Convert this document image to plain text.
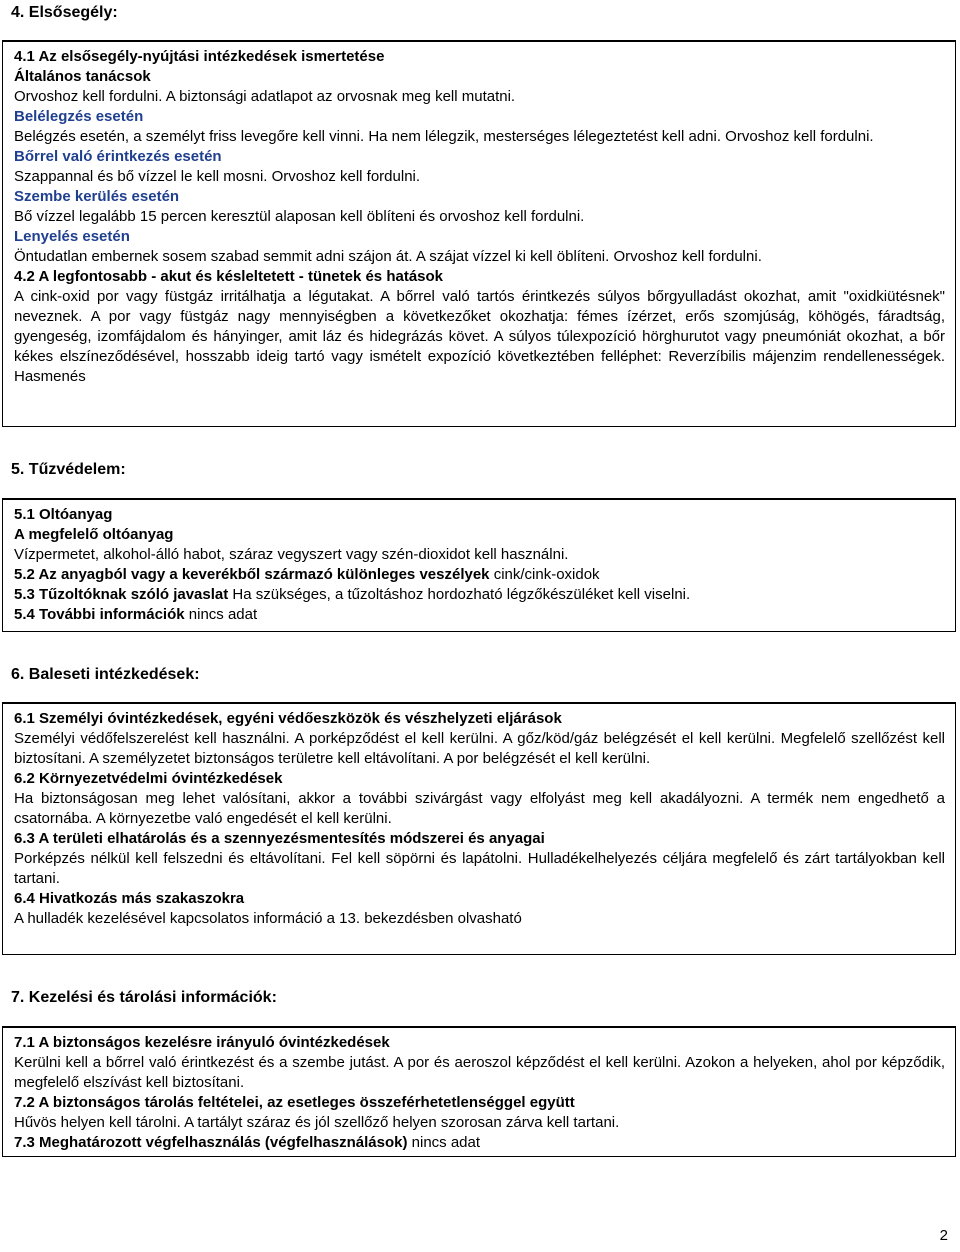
4. Elsősegély:

4.1 Az elsősegély-nyújtási intézkedések ismertetése

Általános tanácsok

Orvoshoz kell fordulni. A biztonsági adatlapot az orvosnak meg kell mutatni.

Belélegzés esetén

Belégzés esetén, a személyt friss levegőre kell vinni. Ha nem lélegzik, mesterséges lélegeztetést kell adni. Orvoshoz kell fordulni.

Bőrrel való érintkezés esetén

Szappannal és bő vízzel le kell mosni. Orvoshoz kell fordulni.

Szembe kerülés esetén

Bő vízzel legalább 15 percen keresztül alaposan kell öblíteni és orvoshoz kell fordulni.

Lenyelés esetén

Öntudatlan embernek sosem szabad semmit adni szájon át. A szájat vízzel ki kell öblíteni. Orvoshoz kell fordulni.

4.2 A legfontosabb - akut és késleltetett - tünetek és hatások

A cink-oxid por vagy füstgáz irritálhatja a légutakat. A bőrrel való tartós érintkezés súlyos bőrgyulladást okozhat, amit "oxidkiütésnek" neveznek. A por vagy füstgáz nagy mennyiségben a következőket okozhatja: fémes ízérzet, erős szomjúság, köhögés, fáradtság, gyengeség, izomfájdalom és hányinger, amit láz és hidegrázás követ. A súlyos túlexpozíció hörghurutot vagy pneumóniát okozhat, a bőr kékes elszíneződésével, hosszabb ideig tartó vagy ismételt expozíció következtében felléphet: Reverzíbilis májenzim rendellenességek. Hasmenés

5. Tűzvédelem:

5.1 Oltóanyag

A megfelelő oltóanyag

Vízpermetet, alkohol-álló habot, száraz vegyszert vagy szén-dioxidot kell használni.

5.2 Az anyagból vagy a keverékből származó különleges veszélyek cink/cink-oxidok

5.3 Tűzoltóknak szóló javaslat Ha szükséges, a tűzoltáshoz hordozható légzőkészüléket kell viselni.

5.4 További információk nincs adat

6. Baleseti intézkedések:

6.1 Személyi óvintézkedések, egyéni védőeszközök és vészhelyzeti eljárások

Személyi védőfelszerelést kell használni. A porképződést el kell kerülni. A gőz/köd/gáz belégzését el kell kerülni. Megfelelő szellőzést kell biztosítani. A személyzetet biztonságos területre kell eltávolítani. A por belégzését el kell kerülni.

6.2 Környezetvédelmi óvintézkedések

Ha biztonságosan meg lehet valósítani, akkor a további szivárgást vagy elfolyást meg kell akadályozni. A termék nem engedhető a csatornába. A környezetbe való engedését el kell kerülni.

6.3 A területi elhatárolás és a szennyezésmentesítés módszerei és anyagai

Porképzés nélkül kell felszedni és eltávolítani. Fel kell söpörni és lapátolni. Hulladékelhelyezés céljára megfelelő és zárt tartályokban kell tartani.

6.4 Hivatkozás más szakaszokra

A hulladék kezelésével kapcsolatos információ a 13. bekezdésben olvasható

7. Kezelési és tárolási információk:

7.1 A biztonságos kezelésre irányuló óvintézkedések

Kerülni kell a bőrrel való érintkezést és a szembe jutást. A por és aeroszol képződést el kell kerülni. Azokon a helyeken, ahol por képződik, megfelelő elszívást kell biztosítani.

7.2 A biztonságos tárolás feltételei, az esetleges összeférhetetlenséggel együtt

Hűvös helyen kell tárolni. A tartályt száraz és jól szellőző helyen szorosan zárva kell tartani.

7.3 Meghatározott végfelhasználás (végfelhasználások) nincs adat

2
